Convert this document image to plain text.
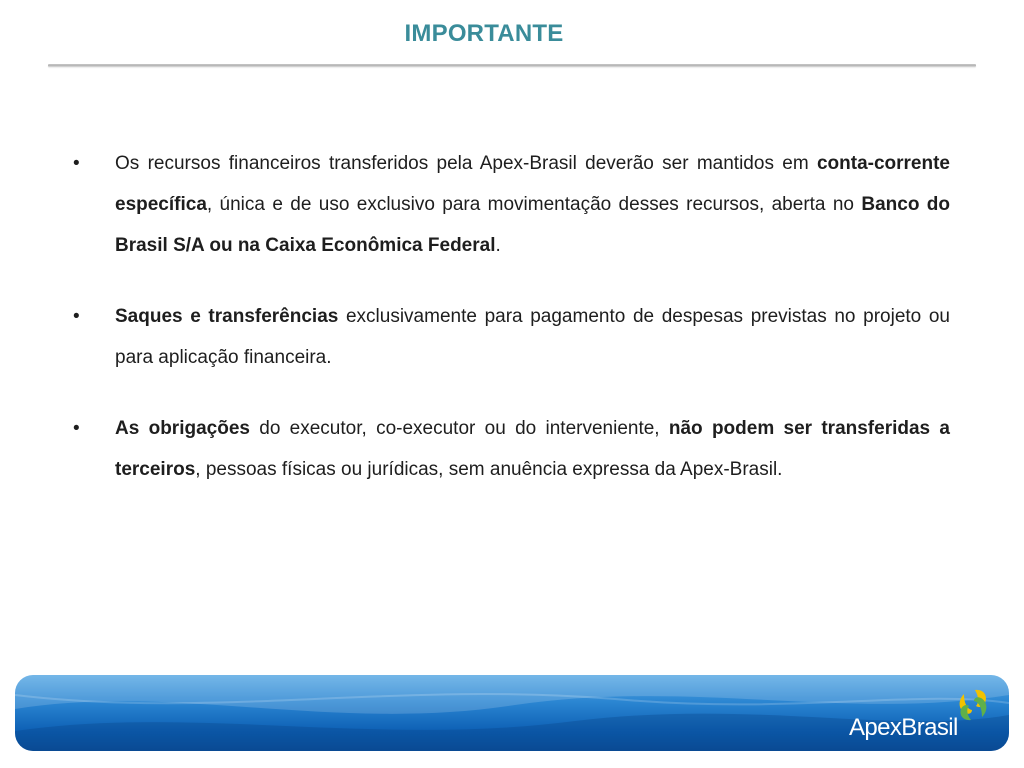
IMPORTANTE
• Os recursos financeiros transferidos pela Apex-Brasil deverão ser mantidos em conta-corrente específica, única e de uso exclusivo para movimentação desses recursos, aberta no Banco do Brasil S/A ou na Caixa Econômica Federal.
• Saques e transferências exclusivamente para pagamento de despesas previstas no projeto ou para aplicação financeira.
• As obrigações do executor, co-executor ou do interveniente, não podem ser transferidas a terceiros, pessoas físicas ou jurídicas, sem anuência expressa da Apex-Brasil.
ApexBrasil
